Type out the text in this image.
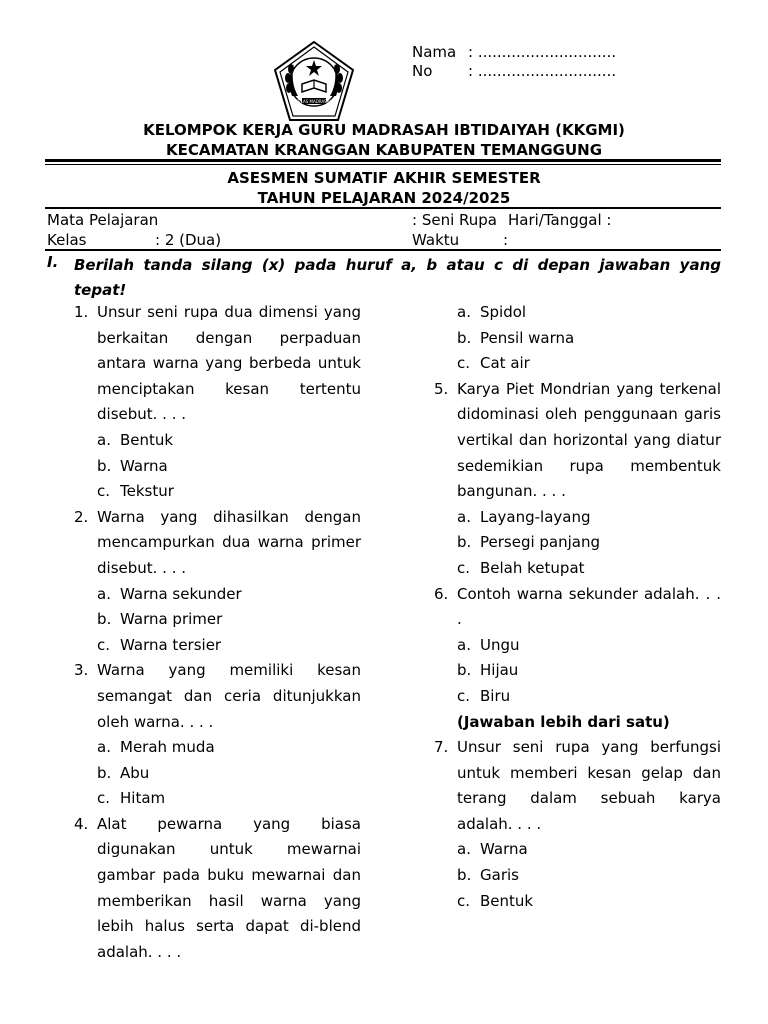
KELAS MADRASAH
Nama : .............................
No	: .............................
KELOMPOK KERJA GURU MADRASAH IBTIDAIYAH (KKGMI)
KECAMATAN KRANGGAN KABUPATEN TEMANGGUNG
ASESMEN SUMATIF AKHIR SEMESTER
TAHUN PELAJARAN 2024/2025
Mata Pelajaran	: Seni Rupa Hari/Tanggal :
Kelas	: 2 (Dua)	Waktu	:
I. Berilah tanda silang (x) pada huruf a, b atau c di depan jawaban yang tepat!
1. Unsur seni rupa dua dimensi yang berkaitan dengan perpaduan antara warna yang berbeda untuk menciptakan kesan tertentu disebut. . . .
a. Bentuk
b. Warna
c. Tekstur
2. Warna yang dihasilkan dengan mencampurkan dua warna primer disebut. . . .
a. Warna sekunder
b. Warna primer
c. Warna tersier
3. Warna yang memiliki kesan semangat dan ceria ditunjukkan oleh warna. . . .
a. Merah muda
b. Abu
c. Hitam
4. Alat pewarna yang biasa digunakan untuk mewarnai gambar pada buku mewarnai dan memberikan hasil warna yang lebih halus serta dapat di-blend adalah. . . .
a. Spidol
b. Pensil warna
c. Cat air
5. Karya Piet Mondrian yang terkenal didominasi oleh penggunaan garis vertikal dan horizontal yang diatur sedemikian rupa membentuk bangunan. . . .
a. Layang-layang
b. Persegi panjang
c. Belah ketupat
6. Contoh warna sekunder adalah. . . .
a. Ungu
b. Hijau
c. Biru
(Jawaban lebih dari satu)
7. Unsur seni rupa yang berfungsi untuk memberi kesan gelap dan terang dalam sebuah karya adalah. . . .
a. Warna
b. Garis
c. Bentuk
